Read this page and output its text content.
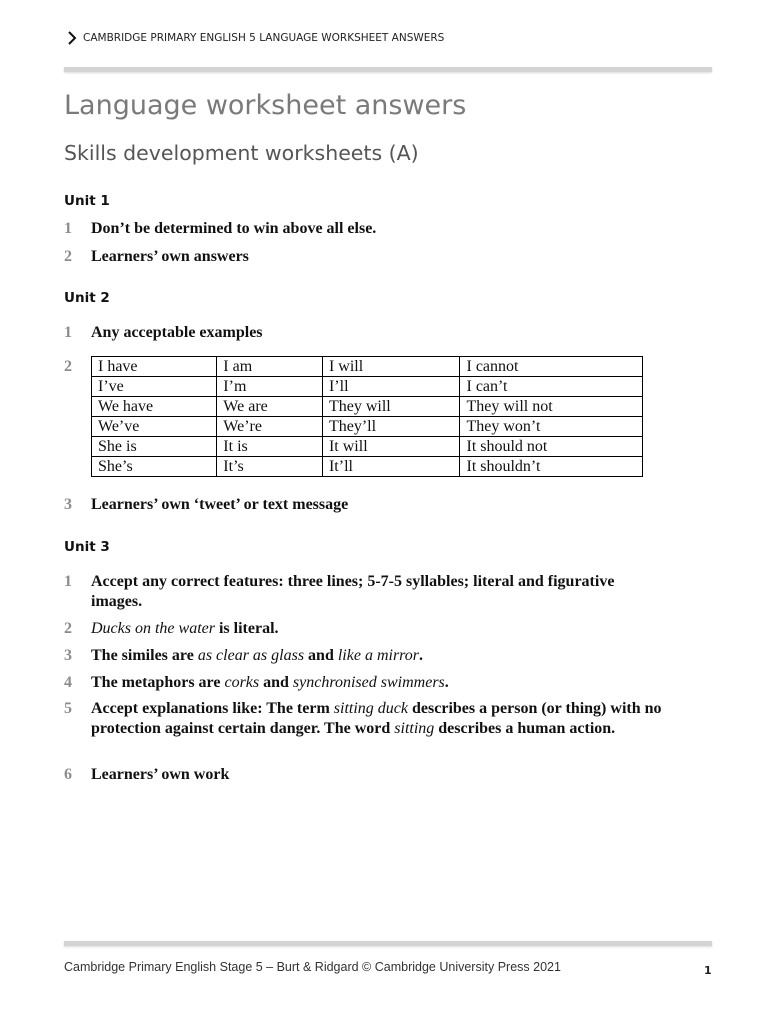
CAMBRIDGE PRIMARY ENGLISH 5 LANGUAGE WORKSHEET ANSWERS
Language worksheet answers
Skills development worksheets (A)
Unit 1
1	Don’t be determined to win above all else.
2	Learners’ own answers
Unit 2
1	Any acceptable examples
2	I have	I am	I will	I cannot
I’ve	I’m	I’ll	I can’t
We have	We are	They will	They will not
We’ve	We’re	They’ll	They won’t
She is	It is	It will	It should not
She’s	It’s	It’ll	It shouldn’t
3	Learners’ own ‘tweet’ or text message
Unit 3
1	Accept any correct features: three lines; 5-7-5 syllables; literal and figurative images.
2	Ducks on the water is literal.
3	The similes are as clear as glass and like a mirror.
4	The metaphors are corks and synchronised swimmers.
5	Accept explanations like: The term sitting duck describes a person (or thing) with no protection against certain danger. The word sitting describes a human action.
6	Learners’ own work
Cambridge Primary English Stage 5 – Burt & Ridgard © Cambridge University Press 2021	1
